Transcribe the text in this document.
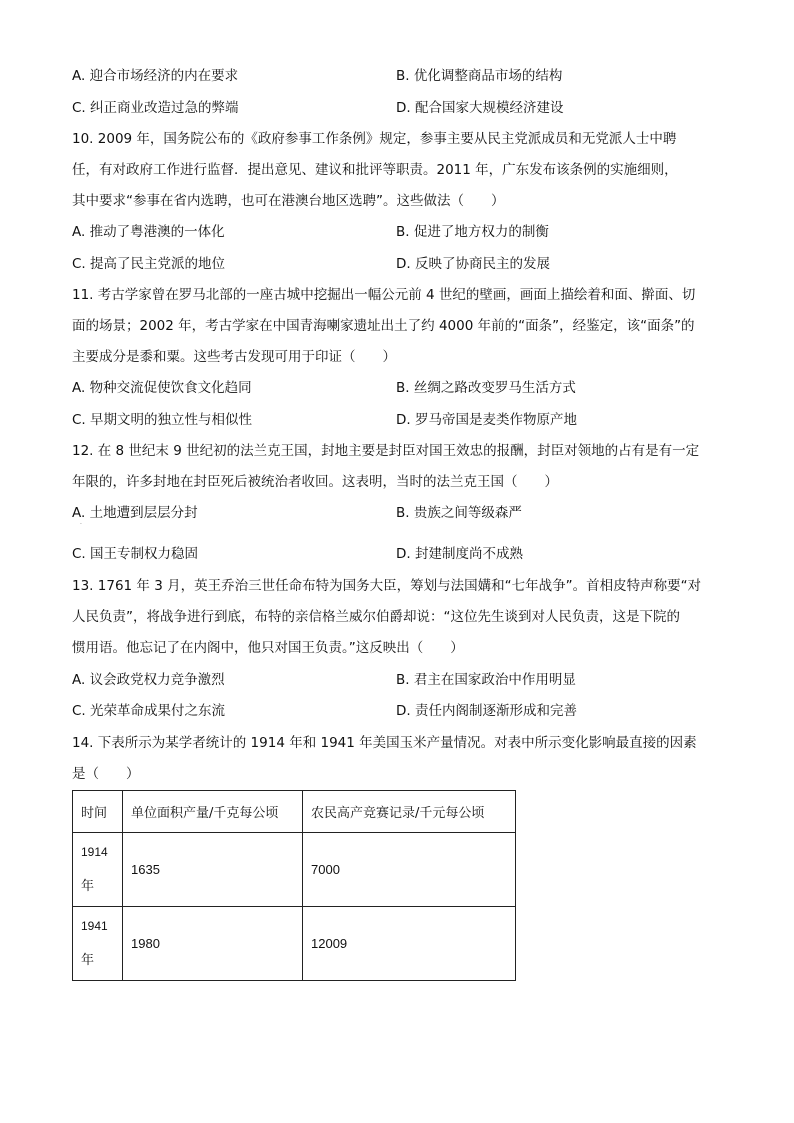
A. 迎合市场经济的内在要求	B. 优化调整商品市场的结构
C. 纠正商业改造过急的弊端	D. 配合国家大规模经济建设
10. 2009 年，国务院公布的《政府参事工作条例》规定，参事主要从民主党派成员和无党派人士中聘
任，有对政府工作进行监督．提出意见、建议和批评等职责。2011 年，广东发布该条例的实施细则，
其中要求“参事在省内选聘，也可在港澳台地区选聘”。这些做法（　　）
A. 推动了粤港澳的一体化	B. 促进了地方权力的制衡
C. 提高了民主党派的地位	D. 反映了协商民主的发展
11. 考古学家曾在罗马北部的一座古城中挖掘出一幅公元前 4 世纪的壁画，画面上描绘着和面、擀面、切
面的场景；2002 年，考古学家在中国青海喇家遗址出土了约 4000 年前的“面条”，经鉴定，该“面条”的
主要成分是黍和粟。这些考古发现可用于印证（　　）
A. 物种交流促使饮食文化趋同	B. 丝绸之路改变罗马生活方式
C. 早期文明的独立性与相似性	D. 罗马帝国是麦类作物原产地
12. 在 8 世纪末 9 世纪初的法兰克王国，封地主要是封臣对国王效忠的报酬，封臣对领地的占有是有一定
年限的，许多封地在封臣死后被统治者收回。这表明，当时的法兰克王国（　　）
A. 土地遭到层层分封	B. 贵族之间等级森严
·
C. 国王专制权力稳固	D. 封建制度尚不成熟
13. 1761 年 3 月，英王乔治三世任命布特为国务大臣，筹划与法国媾和“七年战争”。首相皮特声称要“对
人民负责”，将战争进行到底，布特的亲信格兰威尔伯爵却说：“这位先生谈到对人民负责，这是下院的
惯用语。他忘记了在内阁中，他只对国王负责。”这反映出（　　）
A. 议会政党权力竞争激烈	B. 君主在国家政治中作用明显
C. 光荣革命成果付之东流	D. 责任内阁制逐渐形成和完善
14. 下表所示为某学者统计的 1914 年和 1941 年美国玉米产量情况。对表中所示变化影响最直接的因素
是（　　）
时间	单位面积产量/千克每公顷	农民高产竞赛记录/千元每公顷
1914
年	1635	7000
1941
年	1980	12009
